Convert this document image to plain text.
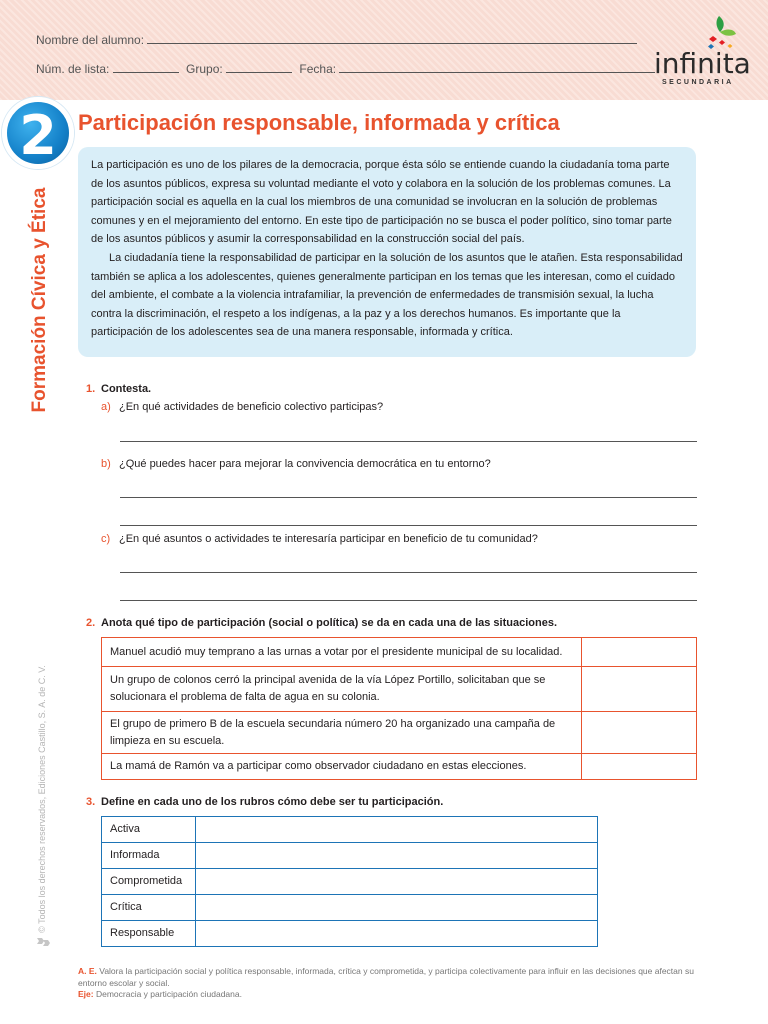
Nombre del alumno:
Núm. de lista:	Grupo:	Fecha:	infinita
SECUNDARIA
2
Formación Cívica y Ética
© Todos los derechos reservados, Ediciones Castillo, S. A. de C. V.
Participación responsable, informada y crítica

La participación es uno de los pilares de la democracia, porque ésta sólo se entiende cuando la ciudadanía toma parte de los asuntos públicos, expresa su voluntad mediante el voto y colabora en la solución de los problemas comunes. La participación social es aquella en la cual los miembros de una comunidad se involucran en la solución de problemas comunes y en el mejoramiento del entorno. En este tipo de participación no se busca el poder político, sino tomar parte de los asuntos públicos y asumir la corresponsabilidad en la construcción social del país.

La ciudadanía tiene la responsabilidad de participar en la solución de los asuntos que le atañen. Esta responsabilidad también se aplica a los adolescentes, quienes generalmente participan en los temas que les interesan, como el cuidado del ambiente, el combate a la violencia intrafamiliar, la prevención de enfermedades de transmisión sexual, la lucha contra la discriminación, el respeto a los indígenas, a la paz y a los derechos humanos. Es importante que la participación de los adolescentes sea de una manera responsable, informada y crítica.

1. Contesta.
a) ¿En qué actividades de beneficio colectivo participas?
b) ¿Qué puedes hacer para mejorar la convivencia democrática en tu entorno?
c) ¿En qué asuntos o actividades te interesaría participar en beneficio de tu comunidad?
2. Anota qué tipo de participación (social o política) se da en cada una de las situaciones.
Manuel acudió muy temprano a las urnas a votar por el presidente municipal de su localidad.	
Un grupo de colonos cerró la principal avenida de la vía López Portillo, solicitaban que se solucionara el problema de falta de agua en su colonia.	
El grupo de primero B de la escuela secundaria número 20 ha organizado una campaña de limpieza en su escuela.	
La mamá de Ramón va a participar como observador ciudadano en estas elecciones.	
3. Define en cada uno de los rubros cómo debe ser tu participación.
Activa	
Informada	
Comprometida	
Crítica	
Responsable	
A. E. Valora la participación social y política responsable, informada, crítica y comprometida, y participa colectivamente para influir en las decisiones que afectan su entorno escolar y social.
Eje: Democracia y participación ciudadana.
